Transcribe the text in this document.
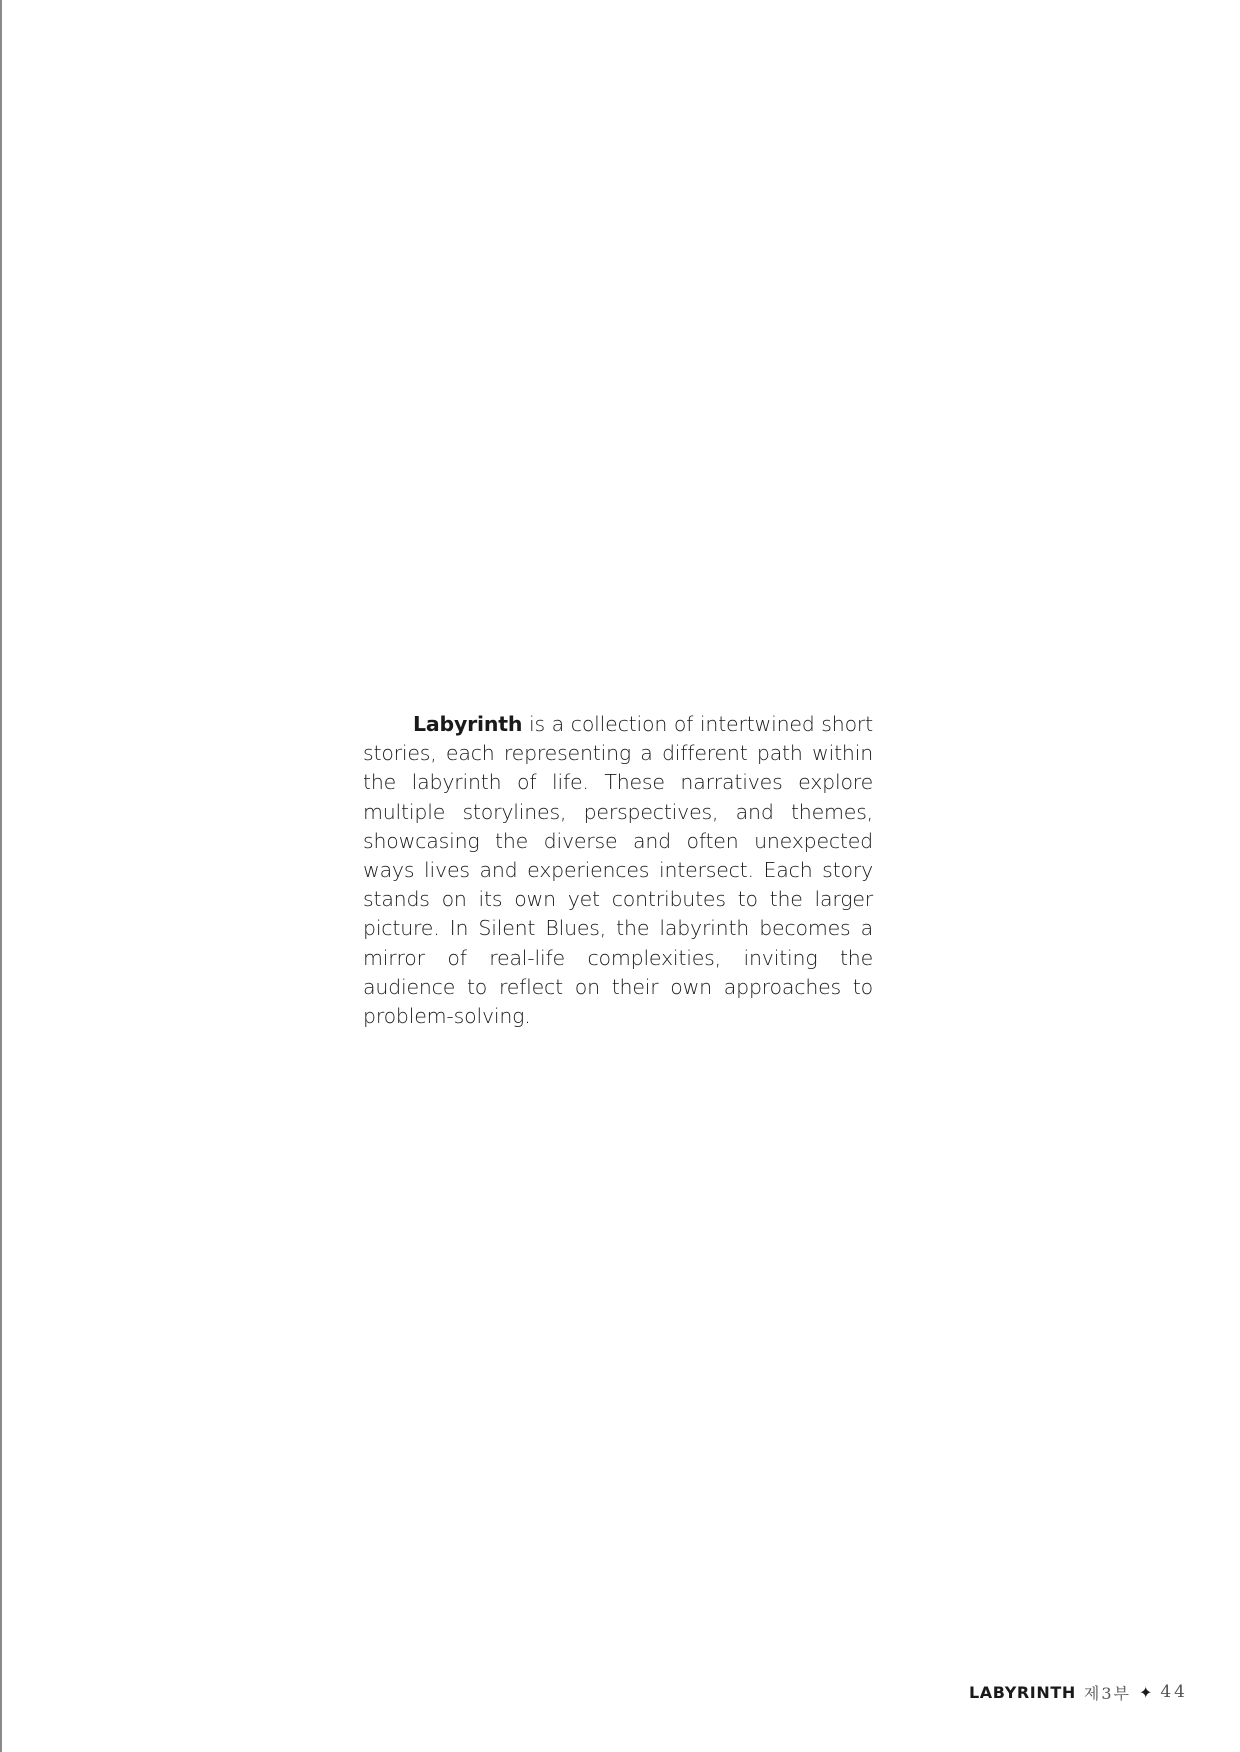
Labyrinth is a collection of intertwined short stories, each representing a different path within the labyrinth of life. These narratives explore multiple storylines, perspectives, and themes, showcasing the diverse and often unexpected ways lives and experiences intersect. Each story stands on its own yet contributes to the larger picture. In Silent Blues, the labyrinth becomes a mirror of real-life complexities, inviting the audience to reflect on their own approaches to problem-solving.

LABYRINTH 제3부 ✦ 44
